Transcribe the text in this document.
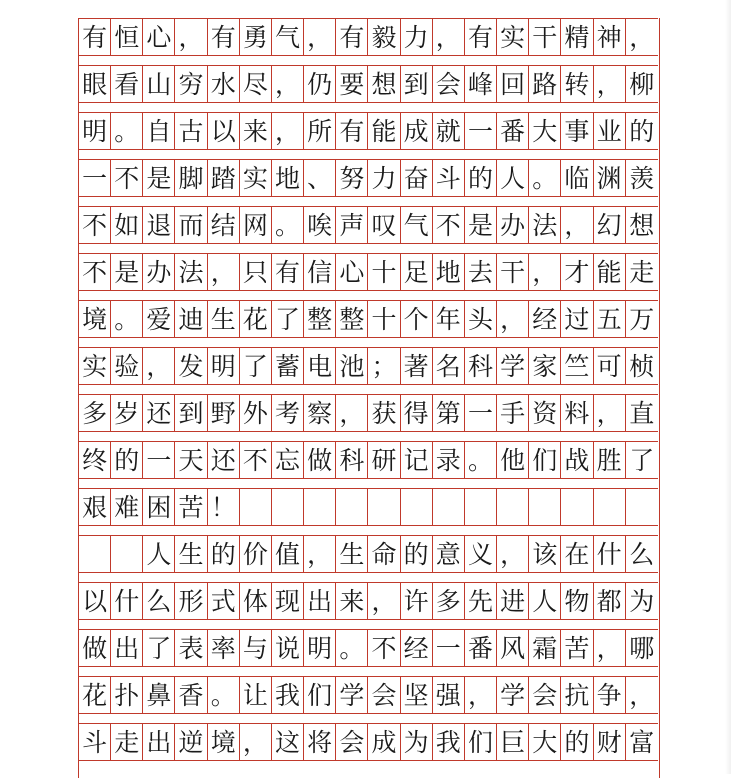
有 恒 心 ， 有 勇 气 ， 有 毅 力 ， 有 实 干 精 神 ，
眼 看 山 穷 水 尽 ， 仍 要 想 到 会 峰 回 路 转 ， 柳
明 。 自 古 以 来 ， 所 有 能 成 就 一 番 大 事 业 的
一 不 是 脚 踏 实 地 、 努 力 奋 斗 的 人 。 临 渊 羡
不 如 退 而 结 网 。 唉 声 叹 气 不 是 办 法 ， 幻 想
不 是 办 法 ， 只 有 信 心 十 足 地 去 干 ， 才 能 走
境 。 爱 迪 生 花 了 整 整 十 个 年 头 ， 经 过 五 万
实 验 ， 发 明 了 蓄 电 池 ； 著 名 科 学 家 竺 可 桢
多 岁 还 到 野 外 考 察 ， 获 得 第 一 手 资 料 ， 直
终 的 一 天 还 不 忘 做 科 研 记 录 。 他 们 战 胜 了
艰 难 困 苦 ！
人 生 的 价 值 ， 生 命 的 意 义 ， 该 在 什 么
以 什 么 形 式 体 现 出 来 ， 许 多 先 进 人 物 都 为
做 出 了 表 率 与 说 明 。 不 经 一 番 风 霜 苦 ， 哪
花 扑 鼻 香 。 让 我 们 学 会 坚 强 ， 学 会 抗 争 ，
斗 走 出 逆 境 ， 这 将 会 成 为 我 们 巨 大 的 财 富
